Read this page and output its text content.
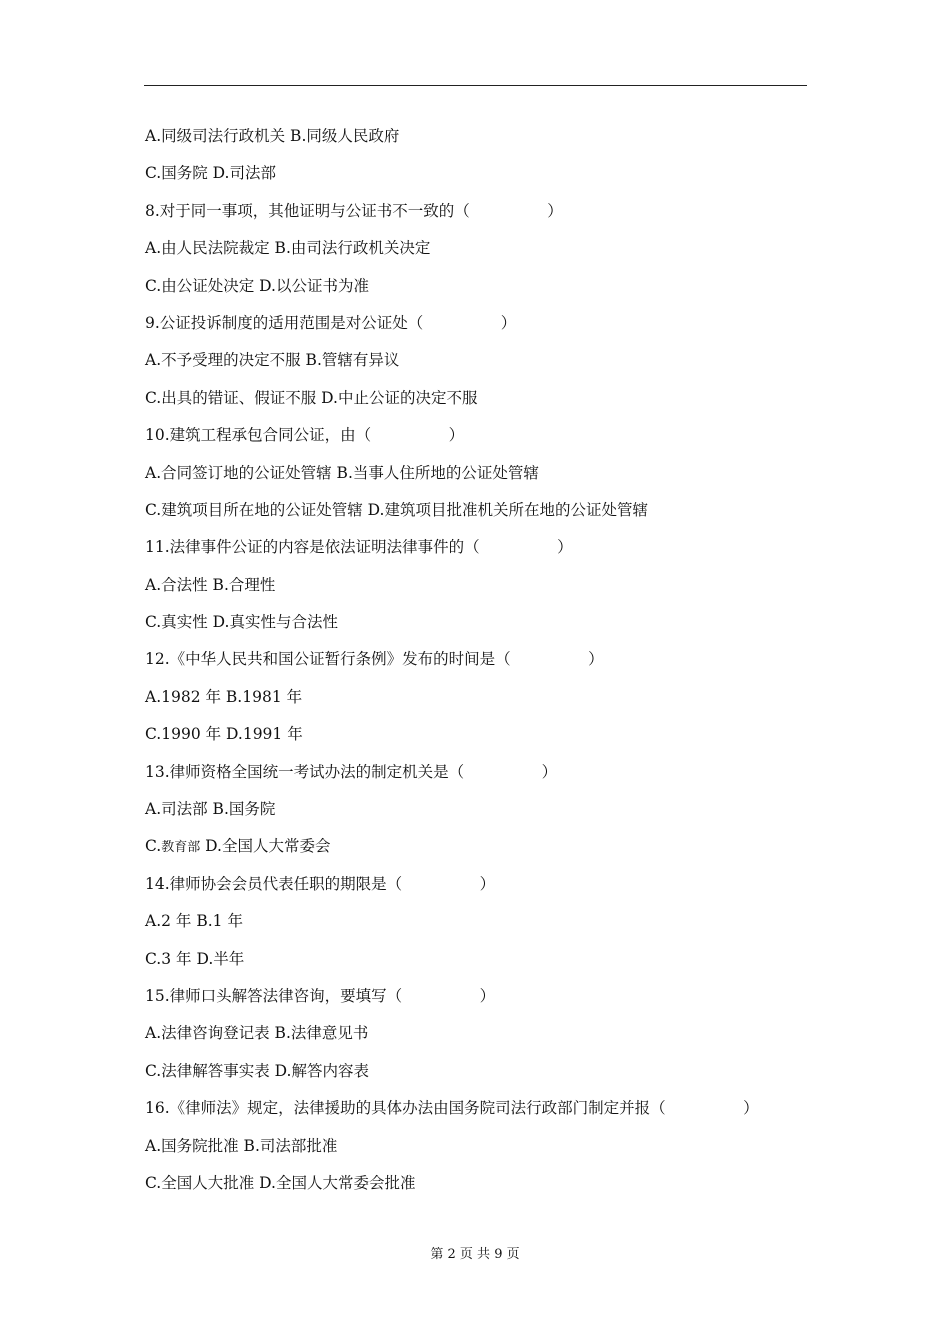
A.同级司法行政机关 B.同级人民政府
C.国务院 D.司法部
8.对于同一事项，其他证明与公证书不一致的（　　　　　）
A.由人民法院裁定 B.由司法行政机关决定
C.由公证处决定 D.以公证书为准
9.公证投诉制度的适用范围是对公证处（　　　　　）
A.不予受理的决定不服 B.管辖有异议
C.出具的错证、假证不服 D.中止公证的决定不服
10.建筑工程承包合同公证，由（　　　　　）
A.合同签订地的公证处管辖 B.当事人住所地的公证处管辖
C.建筑项目所在地的公证处管辖 D.建筑项目批准机关所在地的公证处管辖
11.法律事件公证的内容是依法证明法律事件的（　　　　　）
A.合法性 B.合理性
C.真实性 D.真实性与合法性
12.《中华人民共和国公证暂行条例》发布的时间是（　　　　　）
A.1982 年 B.1981 年
C.1990 年 D.1991 年
13.律师资格全国统一考试办法的制定机关是（　　　　　）
A.司法部 B.国务院
C.教育部 D.全国人大常委会
14.律师协会会员代表任职的期限是（　　　　　）
A.2 年 B.1 年
C.3 年 D.半年
15.律师口头解答法律咨询，要填写（　　　　　）
A.法律咨询登记表 B.法律意见书
C.法律解答事实表 D.解答内容表
16.《律师法》规定，法律援助的具体办法由国务院司法行政部门制定并报（　　　　　）
A.国务院批准 B.司法部批准
C.全国人大批准 D.全国人大常委会批准
第 2 页 共 9 页
